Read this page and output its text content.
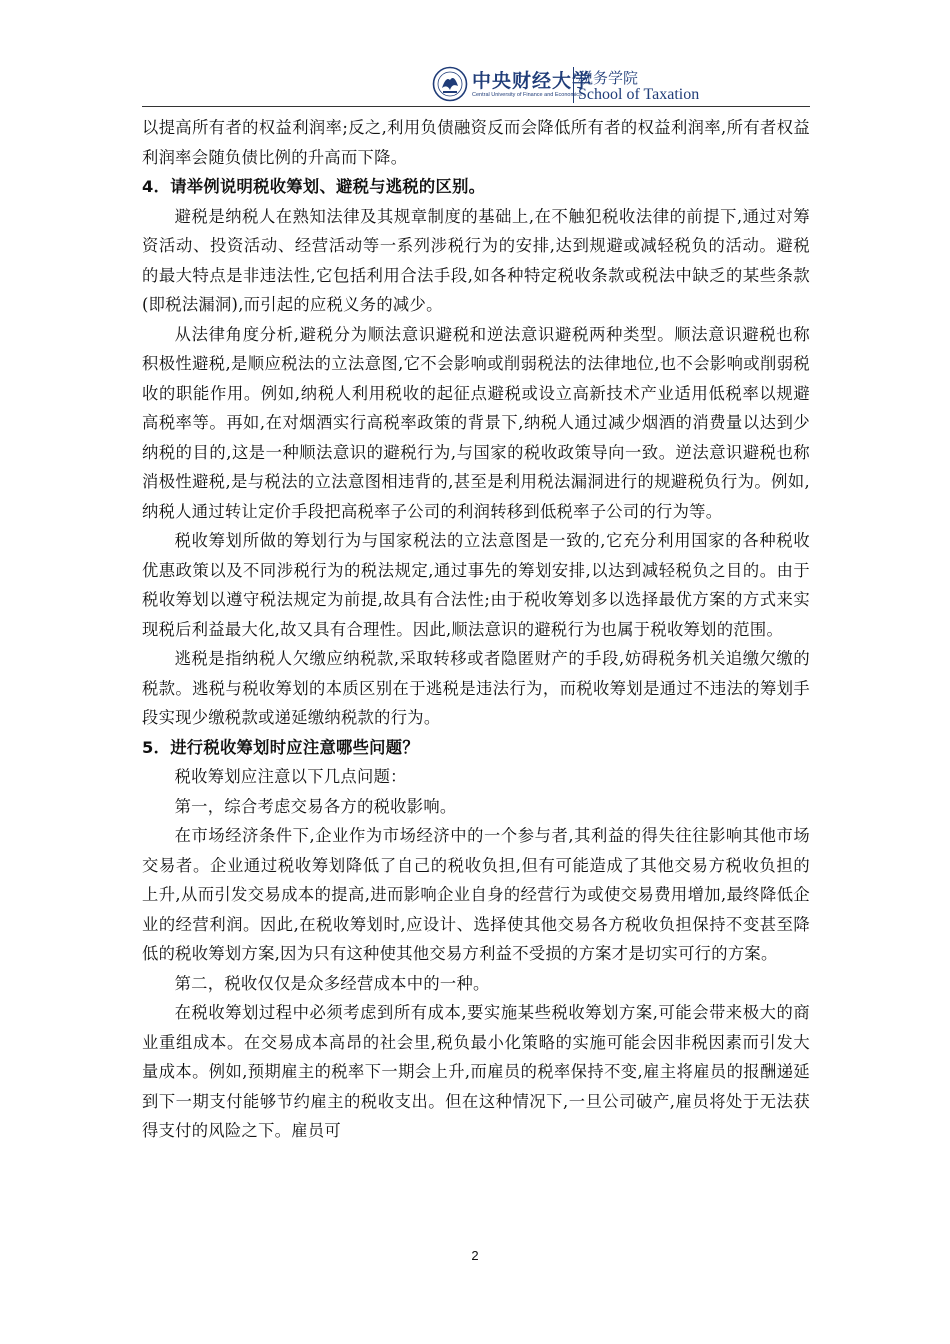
中央财经大学
Central University of Finance and Economics
税务学院
School of Taxation

以提高所有者的权益利润率;反之,利用负债融资反而会降低所有者的权益利润率,所有者权益利润率会随负债比例的升高而下降。

4．请举例说明税收筹划、避税与逃税的区别。

避税是纳税人在熟知法律及其规章制度的基础上,在不触犯税收法律的前提下,通过对筹资活动、投资活动、经营活动等一系列涉税行为的安排,达到规避或减轻税负的活动。避税的最大特点是非违法性,它包括利用合法手段,如各种特定税收条款或税法中缺乏的某些条款(即税法漏洞),而引起的应税义务的减少。

从法律角度分析,避税分为顺法意识避税和逆法意识避税两种类型。顺法意识避税也称积极性避税,是顺应税法的立法意图,它不会影响或削弱税法的法律地位,也不会影响或削弱税收的职能作用。例如,纳税人利用税收的起征点避税或设立高新技术产业适用低税率以规避高税率等。再如,在对烟酒实行高税率政策的背景下,纳税人通过减少烟酒的消费量以达到少纳税的目的,这是一种顺法意识的避税行为,与国家的税收政策导向一致。逆法意识避税也称消极性避税,是与税法的立法意图相违背的,甚至是利用税法漏洞进行的规避税负行为。例如,纳税人通过转让定价手段把高税率子公司的利润转移到低税率子公司的行为等。

税收筹划所做的筹划行为与国家税法的立法意图是一致的,它充分利用国家的各种税收优惠政策以及不同涉税行为的税法规定,通过事先的筹划安排,以达到减轻税负之目的。由于税收筹划以遵守税法规定为前提,故具有合法性;由于税收筹划多以选择最优方案的方式来实现税后利益最大化,故又具有合理性。因此,顺法意识的避税行为也属于税收筹划的范围。

逃税是指纳税人欠缴应纳税款,采取转移或者隐匿财产的手段,妨碍税务机关追缴欠缴的税款。逃税与税收筹划的本质区别在于逃税是违法行为，而税收筹划是通过不违法的筹划手段实现少缴税款或递延缴纳税款的行为。

5．进行税收筹划时应注意哪些问题？

税收筹划应注意以下几点问题：

第一，综合考虑交易各方的税收影响。

在市场经济条件下,企业作为市场经济中的一个参与者,其利益的得失往往影响其他市场交易者。企业通过税收筹划降低了自己的税收负担,但有可能造成了其他交易方税收负担的上升,从而引发交易成本的提高,进而影响企业自身的经营行为或使交易费用增加,最终降低企业的经营利润。因此,在税收筹划时,应设计、选择使其他交易各方税收负担保持不变甚至降低的税收筹划方案,因为只有这种使其他交易方利益不受损的方案才是切实可行的方案。

第二，税收仅仅是众多经营成本中的一种。

在税收筹划过程中必须考虑到所有成本,要实施某些税收筹划方案,可能会带来极大的商业重组成本。在交易成本高昂的社会里,税负最小化策略的实施可能会因非税因素而引发大量成本。例如,预期雇主的税率下一期会上升,而雇员的税率保持不变,雇主将雇员的报酬递延到下一期支付能够节约雇主的税收支出。但在这种情况下,一旦公司破产,雇员将处于无法获得支付的风险之下。雇员可

2
